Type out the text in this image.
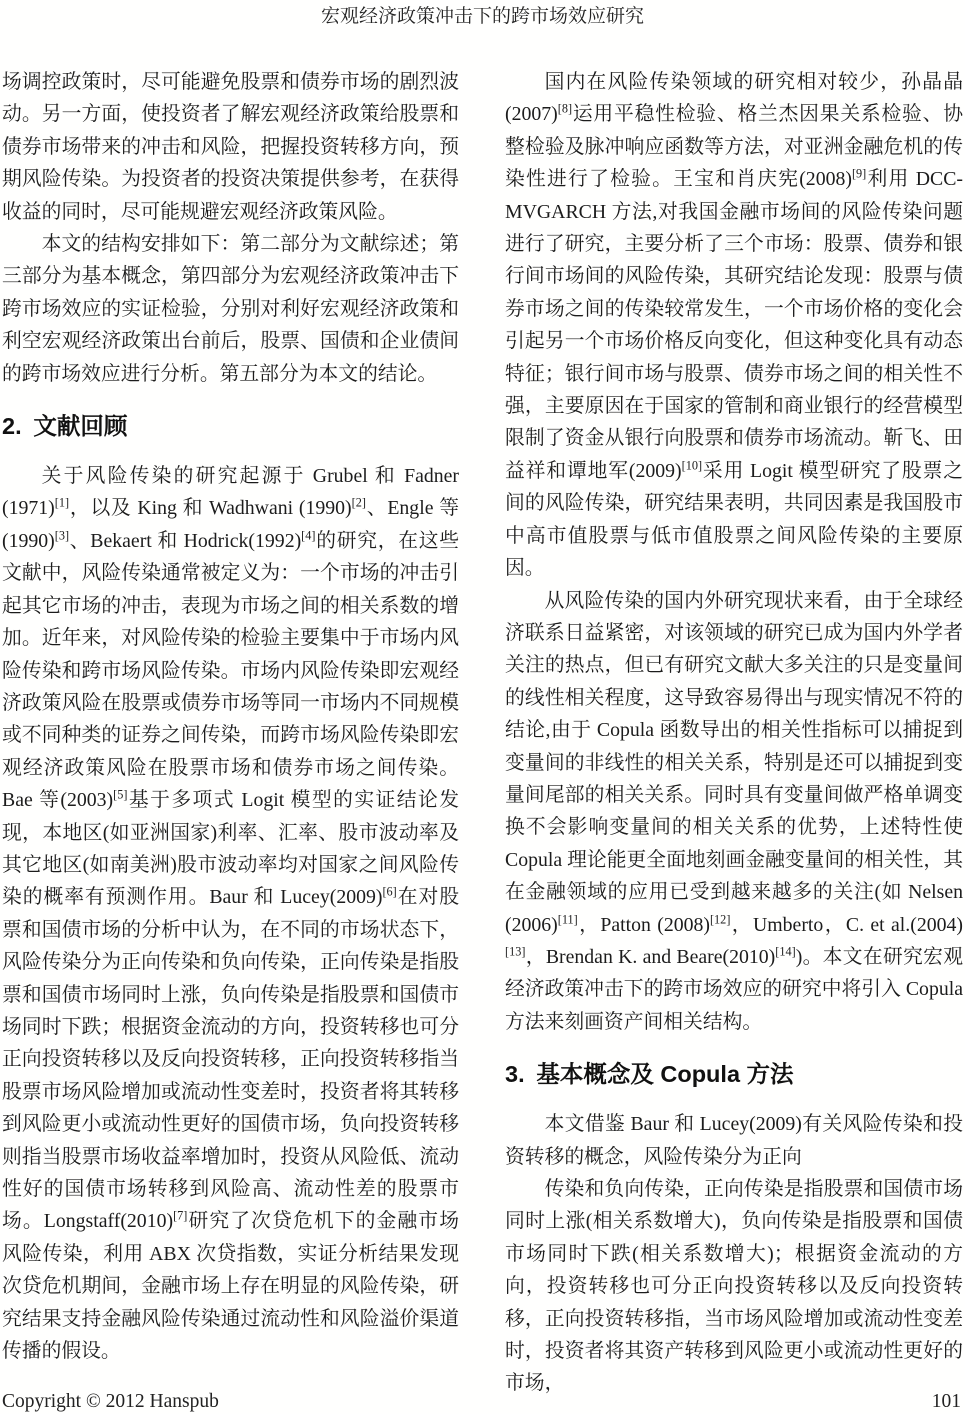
宏观经济政策冲击下的跨市场效应研究

场调控政策时，尽可能避免股票和债券市场的剧烈波动。另一方面，使投资者了解宏观经济政策给股票和债券市场带来的冲击和风险，把握投资转移方向，预期风险传染。为投资者的投资决策提供参考，在获得收益的同时，尽可能规避宏观经济政策风险。

本文的结构安排如下：第二部分为文献综述；第三部分为基本概念，第四部分为宏观经济政策冲击下跨市场效应的实证检验，分别对利好宏观经济政策和利空宏观经济政策出台前后，股票、国债和企业债间的跨市场效应进行分析。第五部分为本文的结论。

2. 文献回顾

关于风险传染的研究起源于 Grubel 和 Fadner (1971)[1]，以及 King 和 Wadhwani (1990)[2]、Engle 等(1990)[3]、Bekaert 和 Hodrick(1992)[4]的研究，在这些文献中，风险传染通常被定义为：一个市场的冲击引起其它市场的冲击，表现为市场之间的相关系数的增加。近年来，对风险传染的检验主要集中于市场内风险传染和跨市场风险传染。市场内风险传染即宏观经济政策风险在股票或债券市场等同一市场内不同规模或不同种类的证券之间传染，而跨市场风险传染即宏观经济政策风险在股票市场和债券市场之间传染。Bae 等(2003)[5]基于多项式 Logit 模型的实证结论发现，本地区(如亚洲国家)利率、汇率、股市波动率及其它地区(如南美洲)股市波动率均对国家之间风险传染的概率有预测作用。Baur 和 Lucey(2009)[6]在对股票和国债市场的分析中认为，在不同的市场状态下，风险传染分为正向传染和负向传染，正向传染是指股票和国债市场同时上涨，负向传染是指股票和国债市场同时下跌；根据资金流动的方向，投资转移也可分正向投资转移以及反向投资转移，正向投资转移指当股票市场风险增加或流动性变差时，投资者将其转移到风险更小或流动性更好的国债市场，负向投资转移则指当股票市场收益率增加时，投资从风险低、流动性好的国债市场转移到风险高、流动性差的股票市场。Longstaff(2010)[7]研究了次贷危机下的金融市场风险传染，利用 ABX 次贷指数，实证分析结果发现次贷危机期间，金融市场上存在明显的风险传染，研究结果支持金融风险传染通过流动性和风险溢价渠道传播的假设。

国内在风险传染领域的研究相对较少，孙晶晶(2007)[8]运用平稳性检验、格兰杰因果关系检验、协整检验及脉冲响应函数等方法，对亚洲金融危机的传染性进行了检验。王宝和肖庆宪(2008)[9]利用 DCC-MVGARCH 方法,对我国金融市场间的风险传染问题进行了研究，主要分析了三个市场：股票、债券和银行间市场间的风险传染，其研究结论发现：股票与债券市场之间的传染较常发生，一个市场价格的变化会引起另一个市场价格反向变化，但这种变化具有动态特征；银行间市场与股票、债券市场之间的相关性不强，主要原因在于国家的管制和商业银行的经营模型限制了资金从银行向股票和债券市场流动。靳飞、田益祥和谭地军(2009)[10]采用 Logit 模型研究了股票之间的风险传染，研究结果表明，共同因素是我国股市中高市值股票与低市值股票之间风险传染的主要原因。

从风险传染的国内外研究现状来看，由于全球经济联系日益紧密，对该领域的研究已成为国内外学者关注的热点，但已有研究文献大多关注的只是变量间的线性相关程度，这导致容易得出与现实情况不符的结论,由于 Copula 函数导出的相关性指标可以捕捉到变量间的非线性的相关关系，特别是还可以捕捉到变量间尾部的相关关系。同时具有变量间做严格单调变换不会影响变量间的相关关系的优势，上述特性使 Copula 理论能更全面地刻画金融变量间的相关性，其在金融领域的应用已受到越来越多的关注(如 Nelsen (2006)[11]，Patton (2008)[12]，Umberto，C. et al.(2004)[13]，Brendan K. and Beare(2010)[14])。本文在研究宏观经济政策冲击下的跨市场效应的研究中将引入 Copula 方法来刻画资产间相关结构。

3. 基本概念及 Copula 方法

本文借鉴 Baur 和 Lucey(2009)有关风险传染和投资转移的概念，风险传染分为正向

传染和负向传染，正向传染是指股票和国债市场同时上涨(相关系数增大)，负向传染是指股票和国债市场同时下跌(相关系数增大)；根据资金流动的方向，投资转移也可分正向投资转移以及反向投资转移，正向投资转移指，当市场风险增加或流动性变差时，投资者将其资产转移到风险更小或流动性更好的市场，

Copyright © 2012 Hanspub	101
